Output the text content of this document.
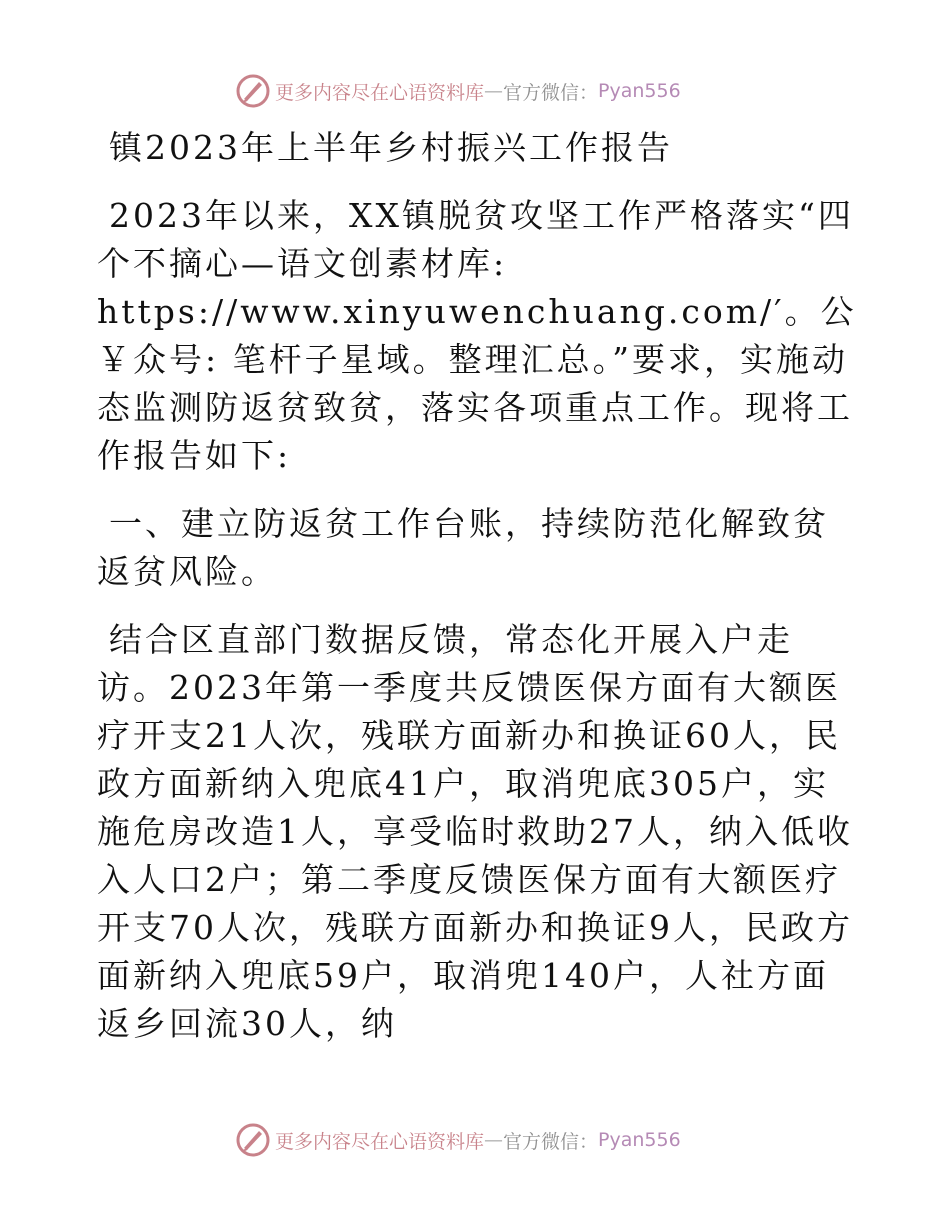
更多内容尽在心语资料库 — 官方微信： Pyan556

镇2023年上半年乡村振兴工作报告

2023年以来，XX镇脱贫攻坚工作严格落实“四个不摘心—语文创素材库: https://www.xinyuwenchuang.com/′。公￥众号: 笔杆子星域。整理汇总。”要求，实施动态监测防返贫致贫，落实各项重点工作。现将工作报告如下:

一、建立防返贫工作台账，持续防范化解致贫返贫风险。

结合区直部门数据反馈，常态化开展入户走访。2023年第一季度共反馈医保方面有大额医疗开支21人次，残联方面新办和换证60人，民政方面新纳入兜底41户，取消兜底305户，实施危房改造1人，享受临时救助27人，纳入低收入人口2户；第二季度反馈医保方面有大额医疗开支70人次，残联方面新办和换证9人，民政方面新纳入兜底59户，取消兜140户，人社方面返乡回流30人，纳

更多内容尽在心语资料库 — 官方微信： Pyan556
